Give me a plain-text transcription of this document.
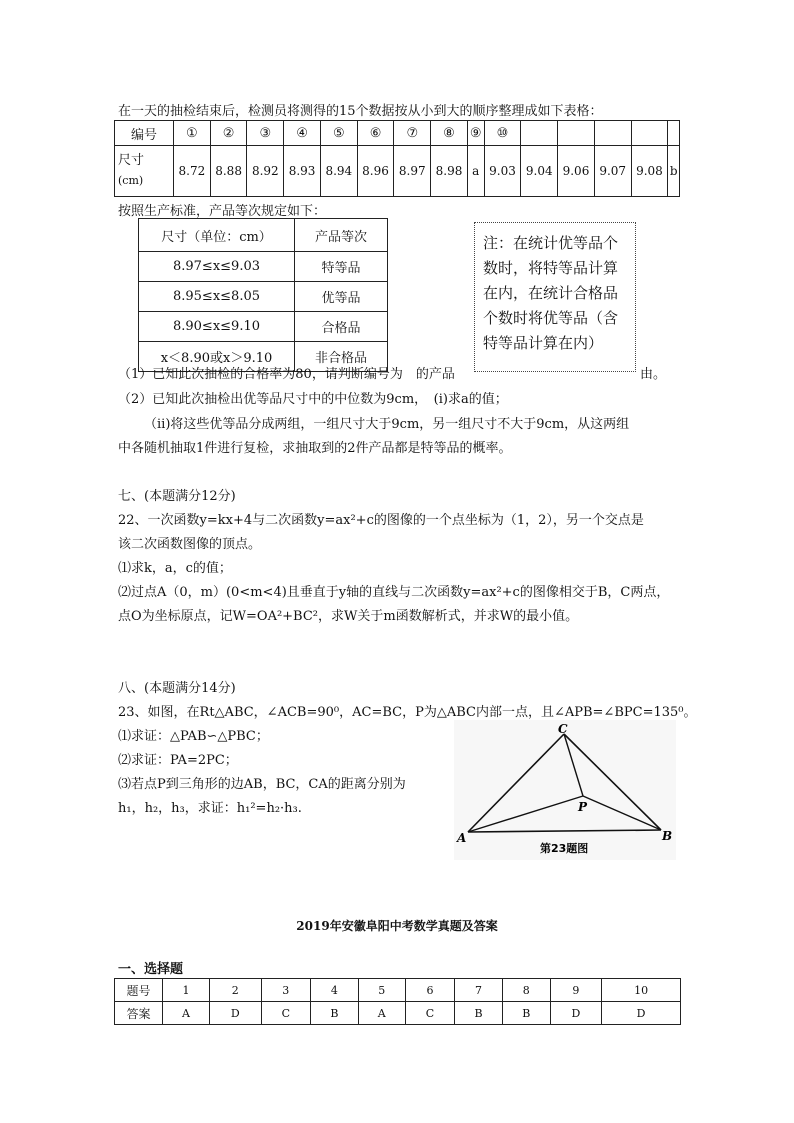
在一天的抽检结束后，检测员将测得的15个数据按从小到大的顺序整理成如下表格：
编号	①	②	③	④	⑤	⑥	⑦	⑧	⑨	⑩					

尺寸
(cm)	8.72	8.88	8.92	8.93	8.94	8.96	8.97	8.98	a	9.03	9.04	9.06	9.07	9.08	b
按照生产标准，产品等次规定如下：
尺寸（单位：cm）	产品等次
8.97≤x≤9.03	特等品
8.95≤x≤8.05	优等品
8.90≤x≤9.10	合格品
x＜8.90或x＞9.10	非合格品
（1）已知此次抽检的合格率为80，请判断编号为　的产品	由。
注：在统计优等品个数时，将特等品计算在内，在统计合格品个数时将优等品（含特等品计算在内）
（2）已知此次抽检出优等品尺寸中的中位数为9cm，　(ⅰ)求a的值；
（ⅱ)将这些优等品分成两组，一组尺寸大于9cm，另一组尺寸不大于9cm，从这两组
中各随机抽取1件进行复检，求抽取到的2件产品都是特等品的概率。
七、(本题满分12分)
22、一次函数y=kx+4与二次函数y=ax²+c的图像的一个点坐标为（1，2），另一个交点是
该二次函数图像的顶点。
⑴求k，a，c的值；
⑵过点A（0，m）(0<m<4)且垂直于y轴的直线与二次函数y=ax²+c的图像相交于B，C两点，
点O为坐标原点，记W=OA²+BC²，求W关于m函数解析式，并求W的最小值。
八、(本题满分14分)
23、如图，在Rt△ABC，∠ACB=90⁰，AC=BC，P为△ABC内部一点，且∠APB=∠BPC=135⁰。
⑴求证：△PAB∽△PBC；
⑵求证：PA=2PC；
⑶若点P到三角形的边AB，BC，CA的距离分别为
h₁，h₂，h₃，求证：h₁²=h₂·h₃.
C
P
A	B
第23题图
2019年安徽阜阳中考数学真题及答案
一、选择题
题号	1	2	3	4	5	6	7	8	9	10
答案	A	D	C	B	A	C	B	B	D	D
